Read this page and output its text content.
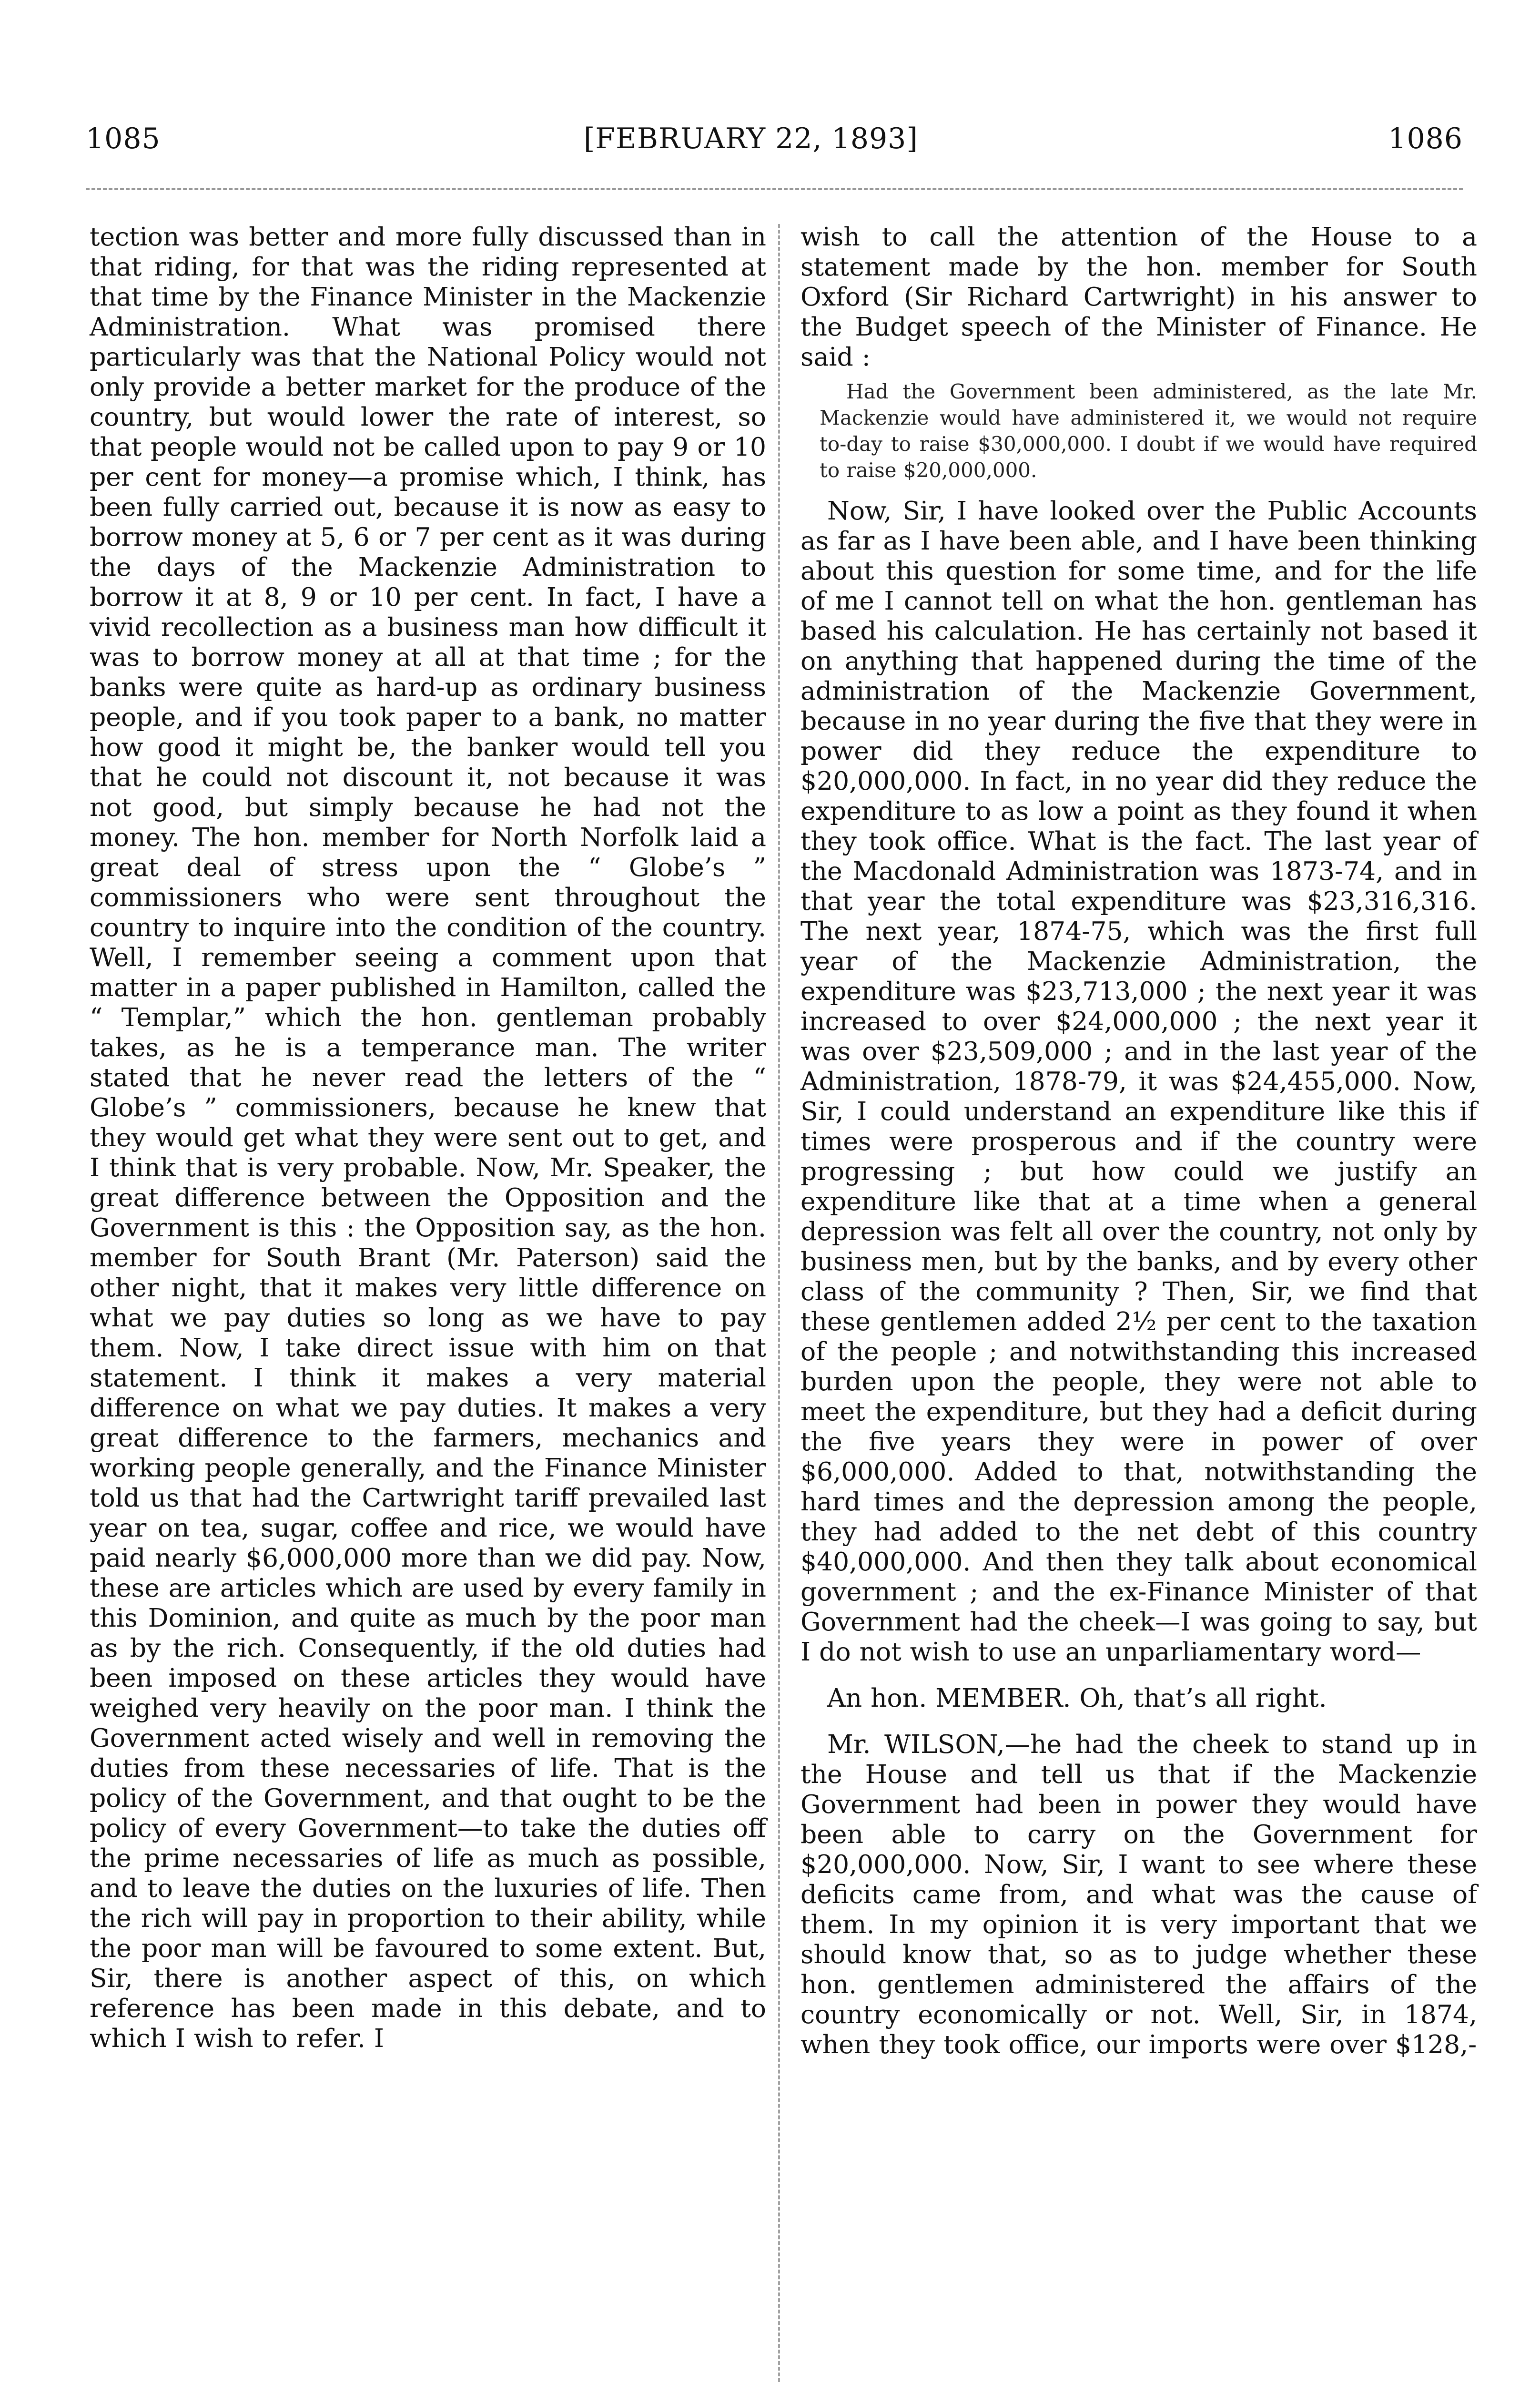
1085	[FEBRUARY 22, 1893]	1086

tection was better and more fully discussed than in that riding, for that was the riding represented at that time by the Finance Minister in the Mackenzie Administration. What was promised there particularly was that the National Policy would not only provide a better market for the produce of the country, but would lower the rate of interest, so that people would not be called upon to pay 9 or 10 per cent for money—a promise which, I think, has been fully carried out, because it is now as easy to borrow money at 5, 6 or 7 per cent as it was during the days of the Mackenzie Administration to borrow it at 8, 9 or 10 per cent. In fact, I have a vivid recollection as a business man how difficult it was to borrow money at all at that time ; for the banks were quite as hard-up as ordinary business people, and if you took paper to a bank, no matter how good it might be, the banker would tell you that he could not discount it, not because it was not good, but simply because he had not the money. The hon. member for North Norfolk laid a great deal of stress upon the “ Globe’s ” commissioners who were sent throughout the country to inquire into the condition of the country. Well, I remember seeing a comment upon that matter in a paper published in Hamilton, called the “ Templar,” which the hon. gentleman probably takes, as he is a temperance man. The writer stated that he never read the letters of the “ Globe’s ” commissioners, because he knew that they would get what they were sent out to get, and I think that is very probable. Now, Mr. Speaker, the great difference between the Opposition and the Government is this : the Opposition say, as the hon. member for South Brant (Mr. Paterson) said the other night, that it makes very little difference on what we pay duties so long as we have to pay them. Now, I take direct issue with him on that statement. I think it makes a very material difference on what we pay duties. It makes a very great difference to the farmers, mechanics and working people generally, and the Finance Minister told us that had the Cartwright tariff prevailed last year on tea, sugar, coffee and rice, we would have paid nearly $6,000,000 more than we did pay. Now, these are articles which are used by every family in this Dominion, and quite as much by the poor man as by the rich. Consequently, if the old duties had been imposed on these articles they would have weighed very heavily on the poor man. I think the Government acted wisely and well in removing the duties from these necessaries of life. That is the policy of the Government, and that ought to be the policy of every Government—to take the duties off the prime necessaries of life as much as possible, and to leave the duties on the luxuries of life. Then the rich will pay in proportion to their ability, while the poor man will be favoured to some extent. But, Sir, there is another aspect of this, on which reference has been made in this debate, and to which I wish to refer. I

wish to call the attention of the House to a statement made by the hon. member for South Oxford (Sir Richard Cartwright) in his answer to the Budget speech of the Minister of Finance. He said :

Had the Government been administered, as the late Mr. Mackenzie would have administered it, we would not require to-day to raise $30,000,000. I doubt if we would have required to raise $20,000,000.

Now, Sir, I have looked over the Public Accounts as far as I have been able, and I have been thinking about this question for some time, and for the life of me I cannot tell on what the hon. gentleman has based his calculation. He has certainly not based it on anything that happened during the time of the administration of the Mackenzie Government, because in no year during the five that they were in power did they reduce the expenditure to $20,000,000. In fact, in no year did they reduce the expenditure to as low a point as they found it when they took office. What is the fact. The last year of the Macdonald Administration was 1873-74, and in that year the total expenditure was $23,316,316. The next year, 1874-75, which was the first full year of the Mackenzie Administration, the expenditure was $23,713,000 ; the next year it was increased to over $24,000,000 ; the next year it was over $23,509,000 ; and in the last year of the Administration, 1878-79, it was $24,455,000. Now, Sir, I could understand an expenditure like this if times were prosperous and if the country were progressing ; but how could we justify an expenditure like that at a time when a general depression was felt all over the country, not only by business men, but by the banks, and by every other class of the community ? Then, Sir, we find that these gentlemen added 2½ per cent to the taxation of the people ; and notwithstanding this increased burden upon the people, they were not able to meet the expenditure, but they had a deficit during the five years they were in power of over $6,000,000. Added to that, notwithstanding the hard times and the depression among the people, they had added to the net debt of this country $40,000,000. And then they talk about economical government ; and the ex-Finance Minister of that Government had the cheek—I was going to say, but I do not wish to use an unparliamentary word—

An hon. MEMBER. Oh, that’s all right.

Mr. WILSON,—he had the cheek to stand up in the House and tell us that if the Mackenzie Government had been in power they would have been able to carry on the Government for $20,000,000. Now, Sir, I want to see where these deficits came from, and what was the cause of them. In my opinion it is very important that we should know that, so as to judge whether these hon. gentlemen administered the affairs of the country economically or not. Well, Sir, in 1874, when they took office, our imports were over $128,-
